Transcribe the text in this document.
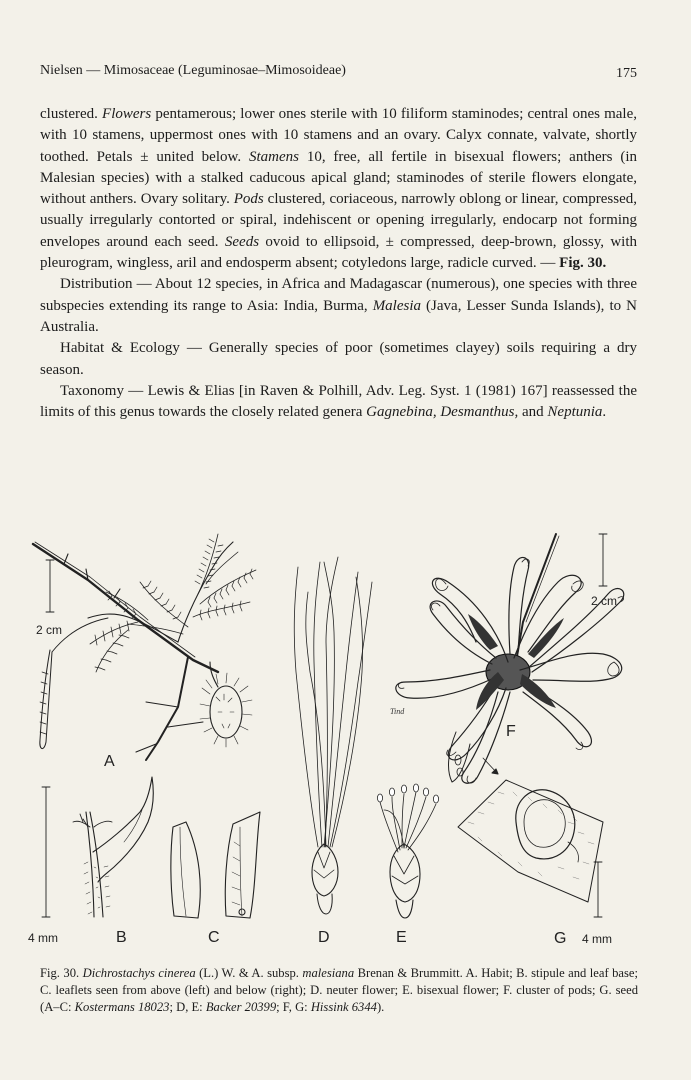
Nielsen — Mimosaceae (Leguminosae–Mimosoideae)	175

clustered. Flowers pentamerous; lower ones sterile with 10 filiform staminodes; central ones male, with 10 stamens, uppermost ones with 10 stamens and an ovary. Calyx connate, valvate, shortly toothed. Petals ± united below. Stamens 10, free, all fertile in bisexual flowers; anthers (in Malesian species) with a stalked caducous apical gland; staminodes of sterile flowers elongate, without anthers. Ovary solitary. Pods clustered, coriaceous, narrowly oblong or linear, compressed, usually irregularly contorted or spiral, indehiscent or opening irregularly, endocarp not forming envelopes around each seed. Seeds ovoid to ellipsoid, ± compressed, deep-brown, glossy, with pleurogram, wingless, aril and endosperm absent; cotyledons large, radicle curved. — Fig. 30.

Distribution — About 12 species, in Africa and Madagascar (numerous), one species with three subspecies extending its range to Asia: India, Burma, Malesia (Java, Lesser Sunda Islands), to N Australia.

Habitat & Ecology — Generally species of poor (sometimes clayey) soils requiring a dry season.

Taxonomy — Lewis & Elias [in Raven & Polhill, Adv. Leg. Syst. 1 (1981) 167] reassessed the limits of this genus towards the closely related genera Gagnebina, Desmanthus, and Neptunia.

2 cm
A
4 mm	B	C	D	E
Tind
2 cm
F
G 4 mm

Fig. 30. Dichrostachys cinerea (L.) W. & A. subsp. malesiana Brenan & Brummitt. A. Habit; B. stipule and leaf base; C. leaflets seen from above (left) and below (right); D. neuter flower; E. bisexual flower; F. cluster of pods; G. seed (A–C: Kostermans 18023; D, E: Backer 20399; F, G: Hissink 6344).
